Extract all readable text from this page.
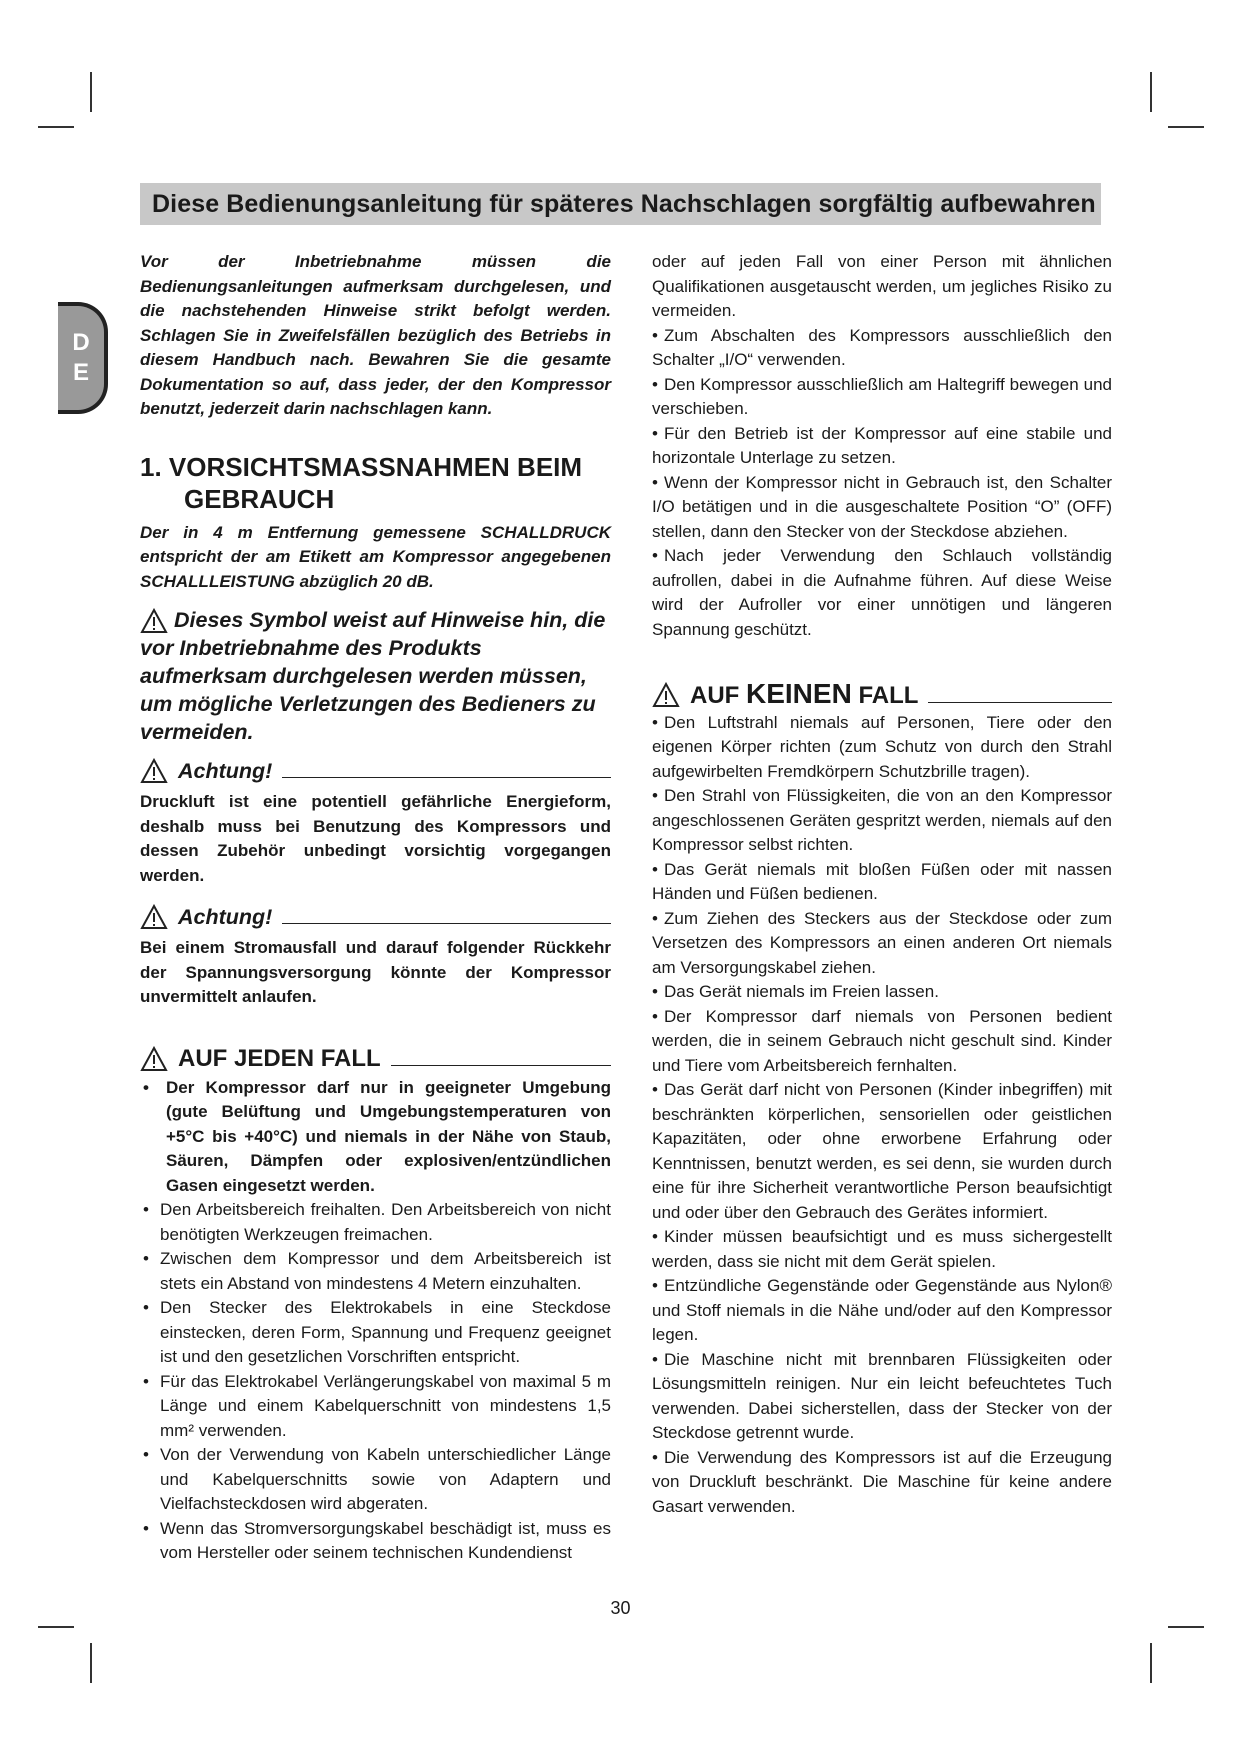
Diese Bedienungsanleitung für späteres Nachschlagen sorgfältig aufbewahren
D
E

Vor der Inbetriebnahme müssen die Bedienungsanleitungen aufmerksam durchgelesen, und die nachstehenden Hinweise strikt befolgt werden. Schlagen Sie in Zweifelsfällen bezüglich des Betriebs in diesem Handbuch nach. Bewahren Sie die gesamte Dokumentation so auf, dass jeder, der den Kompressor benutzt, jederzeit darin nachschlagen kann.

1. VORSICHTSMASSNAHMEN BEIM
GEBRAUCH

Der in 4 m Entfernung gemessene SCHALLDRUCK entspricht der am Etikett am Kompressor angegebenen SCHALLLEISTUNG abzüglich 20 dB.

Dieses Symbol weist auf Hinweise hin, die vor Inbetriebnahme des Produkts aufmerksam durchgelesen werden müssen, um mögliche Verletzungen des Bedieners zu vermeiden.
Achtung!

Druckluft ist eine potentiell gefährliche Energieform, deshalb muss bei Benutzung des Kompressors und dessen Zubehör unbedingt vorsichtig vorgegangen werden.

Achtung!

Bei einem Stromausfall und darauf folgender Rückkehr der Spannungsversorgung könnte der Kompressor unvermittelt anlaufen.

AUF JEDEN FALL
• Der Kompressor darf nur in geeigneter Umgebung (gute Belüftung und Umgebungstemperaturen von +5°C bis +40°C) und niemals in der Nähe von Staub, Säuren, Dämpfen oder explosiven/entzündlichen Gasen eingesetzt werden.
• Den Arbeitsbereich freihalten. Den Arbeitsbereich von nicht benötigten Werkzeugen freimachen.
• Zwischen dem Kompressor und dem Arbeitsbereich ist stets ein Abstand von mindestens 4 Metern einzuhalten.
• Den Stecker des Elektrokabels in eine Steckdose einstecken, deren Form, Spannung und Frequenz geeignet ist und den gesetzlichen Vorschriften entspricht.
• Für das Elektrokabel Verlängerungskabel von maximal 5 m Länge und einem Kabelquerschnitt von mindestens 1,5 mm² verwenden.
• Von der Verwendung von Kabeln unterschiedlicher Länge und Kabelquerschnitts sowie von Adaptern und Vielfachsteckdosen wird abgeraten.
• Wenn das Stromversorgungskabel beschädigt ist, muss es vom Hersteller oder seinem technischen Kundendienst

oder auf jeden Fall von einer Person mit ähnlichen Qualifikationen ausgetauscht werden, um jegliches Risiko zu vermeiden.

• Zum Abschalten des Kompressors ausschließlich den Schalter „I/O“ verwenden.
• Den Kompressor ausschließlich am Haltegriff bewegen und verschieben.
• Für den Betrieb ist der Kompressor auf eine stabile und horizontale Unterlage zu setzen.
• Wenn der Kompressor nicht in Gebrauch ist, den Schalter I/O betätigen und in die ausgeschaltete Position “O” (OFF) stellen, dann den Stecker von der Steckdose abziehen.
• Nach jeder Verwendung den Schlauch vollständig aufrollen, dabei in die Aufnahme führen. Auf diese Weise wird der Aufroller vor einer unnötigen und längeren Spannung geschützt.
AUF KEINEN FALL
• Den Luftstrahl niemals auf Personen, Tiere oder den eigenen Körper richten (zum Schutz von durch den Strahl aufgewirbelten Fremdkörpern Schutzbrille tragen).
• Den Strahl von Flüssigkeiten, die von an den Kompressor angeschlossenen Geräten gespritzt werden, niemals auf den Kompressor selbst richten.
• Das Gerät niemals mit bloßen Füßen oder mit nassen Händen und Füßen bedienen.
• Zum Ziehen des Steckers aus der Steckdose oder zum Versetzen des Kompressors an einen anderen Ort niemals am Versorgungskabel ziehen.
• Das Gerät niemals im Freien lassen.
• Der Kompressor darf niemals von Personen bedient werden, die in seinem Gebrauch nicht geschult sind. Kinder und Tiere vom Arbeitsbereich fernhalten.
• Das Gerät darf nicht von Personen (Kinder inbegriffen) mit beschränkten körperlichen, sensoriellen oder geistlichen Kapazitäten, oder ohne erworbene Erfahrung oder Kenntnissen, benutzt werden, es sei denn, sie wurden durch eine für ihre Sicherheit verantwortliche Person beaufsichtigt und oder über den Gebrauch des Gerätes informiert.
• Kinder müssen beaufsichtigt und es muss sichergestellt werden, dass sie nicht mit dem Gerät spielen.
• Entzündliche Gegenstände oder Gegenstände aus Nylon® und Stoff niemals in die Nähe und/oder auf den Kompressor legen.
• Die Maschine nicht mit brennbaren Flüssigkeiten oder Lösungsmitteln reinigen. Nur ein leicht befeuchtetes Tuch verwenden. Dabei sicherstellen, dass der Stecker von der Steckdose getrennt wurde.
• Die Verwendung des Kompressors ist auf die Erzeugung von Druckluft beschränkt. Die Maschine für keine andere Gasart verwenden.
30
